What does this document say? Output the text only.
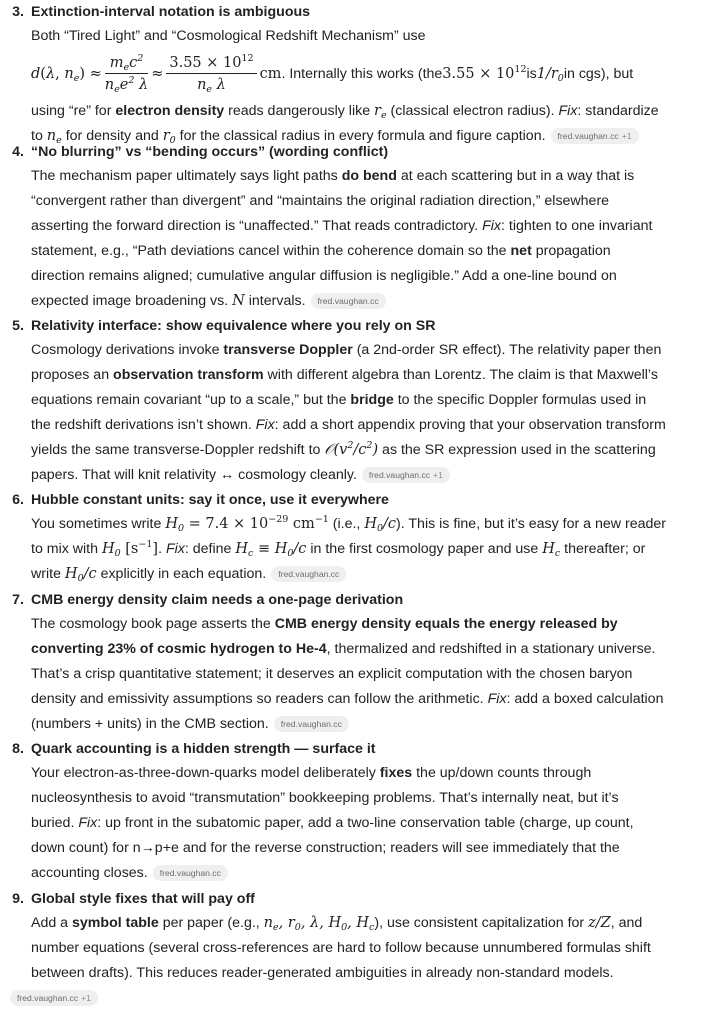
3. Extinction-interval notation is ambiguous
Both “Tired Light” and “Cosmological Redshift Mechanism” use
d ( λ , $n_e$ ) ≈ $\frac{m_ec^2}{n_ee^2 \lambda} \approx \frac{3.55 \times 10^{12}}{n_e \lambda}$ cm . Internally this works (the $3.55 \times 10^{12}$ is $1/r_0$ in cgs), but
using “re” for electron density reads dangerously like $r_e$ (classical electron radius). Fix: standardize
to $n_e$ for density and $r_0$ for the classical radius in every formula and figure caption. fred.vaughan.cc +1
4. “No blurring” vs “bending occurs” (wording conflict)
The mechanism paper ultimately says light paths do bend at each scattering but in a way that is
“convergent rather than divergent” and “maintains the original radiation direction,” elsewhere
asserting the forward direction is “unaffected.” That reads contradictory. Fix: tighten to one invariant
statement, e.g., “Path deviations cancel within the coherence domain so the net propagation
direction remains aligned; cumulative angular diffusion is negligible.” Add a one-line bound on
expected image broadening vs. N intervals. fred.vaughan.cc
5. Relativity interface: show equivalence where you rely on SR
Cosmology derivations invoke transverse Doppler (a 2nd-order SR effect). The relativity paper then
proposes an observation transform with different algebra than Lorentz. The claim is that Maxwell’s
equations remain covariant “up to a scale,” but the bridge to the specific Doppler formulas used in
the redshift derivations isn’t shown. Fix: add a short appendix proving that your observation transform
yields the same transverse-Doppler redshift to $𝒪(v^2/c^2)$ as the SR expression used in the scattering
papers. That will knit relativity ↔ cosmology cleanly. fred.vaughan.cc +1
6. Hubble constant units: say it once, use it everywhere
You sometimes write $H_0 = 7.4 \times 10^{-29}$ $cm^{-1}$ (i.e., $H_0/c$). This is fine, but it’s easy for a new reader
to mix with $H_0$ $[s^{-1}]$. Fix: define $H_c \equiv H_0/c$ in the first cosmology paper and use $H_c$ thereafter; or
write $H_0/c$ explicitly in each equation. fred.vaughan.cc
7. CMB energy density claim needs a one-page derivation
The cosmology book page asserts the CMB energy density equals the energy released by
converting 23% of cosmic hydrogen to He-4, thermalized and redshifted in a stationary universe.
That’s a crisp quantitative statement; it deserves an explicit computation with the chosen baryon
density and emissivity assumptions so readers can follow the arithmetic. Fix: add a boxed calculation
(numbers + units) in the CMB section. fred.vaughan.cc
8. Quark accounting is a hidden strength — surface it
Your electron-as-three-down-quarks model deliberately fixes the up/down counts through
nucleosynthesis to avoid “transmutation” bookkeeping problems. That’s internally neat, but it’s
buried. Fix: up front in the subatomic paper, add a two-line conservation table (charge, up count,
down count) for n→p+e and for the reverse construction; readers will see immediately that the
accounting closes. fred.vaughan.cc
9. Global style fixes that will pay off
Add a symbol table per paper (e.g., $n_e$, $r_0$, λ, $H_0$, $H_c$), use consistent capitalization for z/Z, and
number equations (several cross-references are hard to follow because unnumbered formulas shift
between drafts). This reduces reader-generated ambiguities in already non-standard models.
fred.vaughan.cc +1
